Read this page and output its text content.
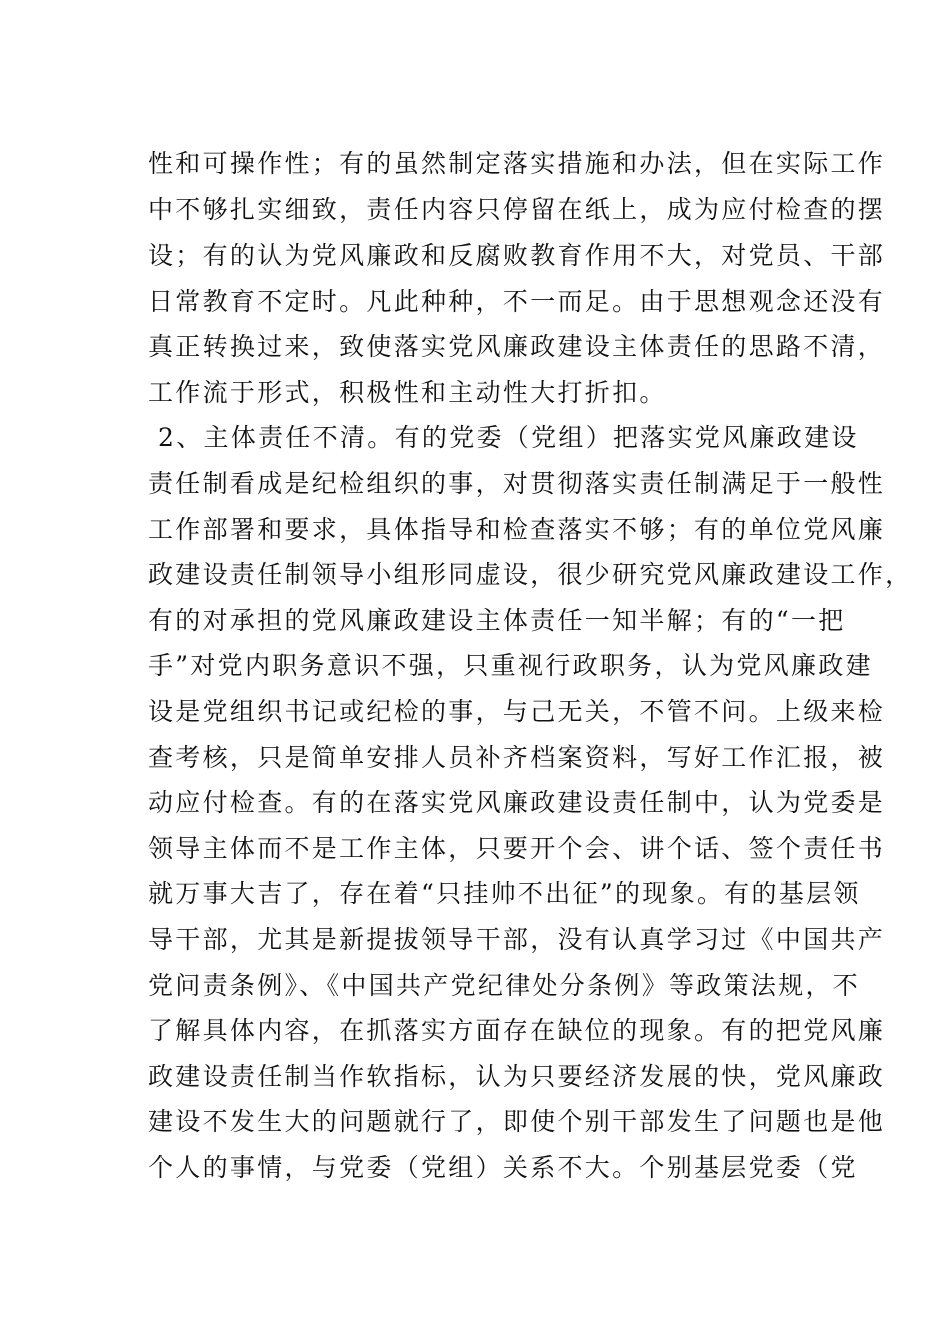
性和可操作性；有的虽然制定落实措施和办法，但在实际工作
中不够扎实细致，责任内容只停留在纸上，成为应付检查的摆
设；有的认为党风廉政和反腐败教育作用不大，对党员、干部
日常教育不定时。凡此种种，不一而足。由于思想观念还没有
真正转换过来，致使落实党风廉政建设主体责任的思路不清，
工作流于形式，积极性和主动性大打折扣。
2、主体责任不清。有的党委（党组）把落实党风廉政建设
责任制看成是纪检组织的事，对贯彻落实责任制满足于一般性
工作部署和要求，具体指导和检查落实不够；有的单位党风廉
政建设责任制领导小组形同虚设，很少研究党风廉政建设工作，
有的对承担的党风廉政建设主体责任一知半解；有的“一把
手”对党内职务意识不强，只重视行政职务，认为党风廉政建
设是党组织书记或纪检的事，与己无关，不管不问。上级来检
查考核，只是简单安排人员补齐档案资料，写好工作汇报，被
动应付检查。有的在落实党风廉政建设责任制中，认为党委是
领导主体而不是工作主体，只要开个会、讲个话、签个责任书
就万事大吉了，存在着“只挂帅不出征”的现象。有的基层领
导干部，尤其是新提拔领导干部，没有认真学习过《中国共产
党问责条例》、《中国共产党纪律处分条例》等政策法规，不
了解具体内容，在抓落实方面存在缺位的现象。有的把党风廉
政建设责任制当作软指标，认为只要经济发展的快，党风廉政
建设不发生大的问题就行了，即使个别干部发生了问题也是他
个人的事情，与党委（党组）关系不大。个别基层党委（党
